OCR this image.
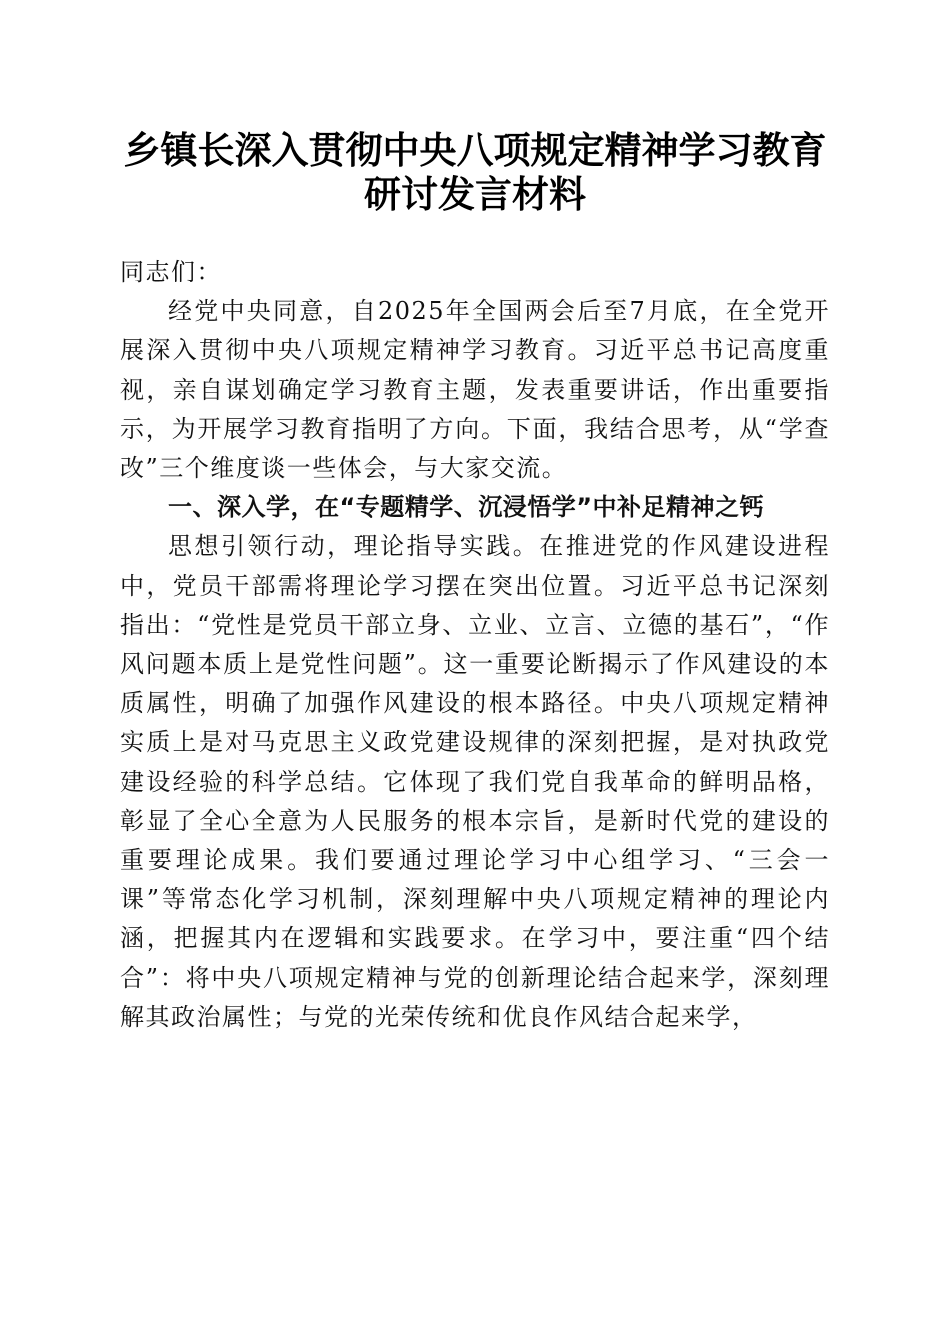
乡镇长深入贯彻中央八项规定精神学习教育研讨发言材料

同志们：

经党中央同意，自2025年全国两会后至7月底，在全党开展深入贯彻中央八项规定精神学习教育。习近平总书记高度重视，亲自谋划确定学习教育主题，发表重要讲话，作出重要指示，为开展学习教育指明了方向。下面，我结合思考，从“学查改”三个维度谈一些体会，与大家交流。

一、深入学，在“专题精学、沉浸悟学”中补足精神之钙

思想引领行动，理论指导实践。在推进党的作风建设进程中，党员干部需将理论学习摆在突出位置。习近平总书记深刻指出：“党性是党员干部立身、立业、立言、立德的基石”，“作风问题本质上是党性问题”。这一重要论断揭示了作风建设的本质属性，明确了加强作风建设的根本路径。中央八项规定精神实质上是对马克思主义政党建设规律的深刻把握，是对执政党建设经验的科学总结。它体现了我们党自我革命的鲜明品格，彰显了全心全意为人民服务的根本宗旨，是新时代党的建设的重要理论成果。我们要通过理论学习中心组学习、“三会一课”等常态化学习机制，深刻理解中央八项规定精神的理论内涵，把握其内在逻辑和实践要求。在学习中，要注重“四个结合”：将中央八项规定精神与党的创新理论结合起来学，深刻理解其政治属性；与党的光荣传统和优良作风结合起来学，
